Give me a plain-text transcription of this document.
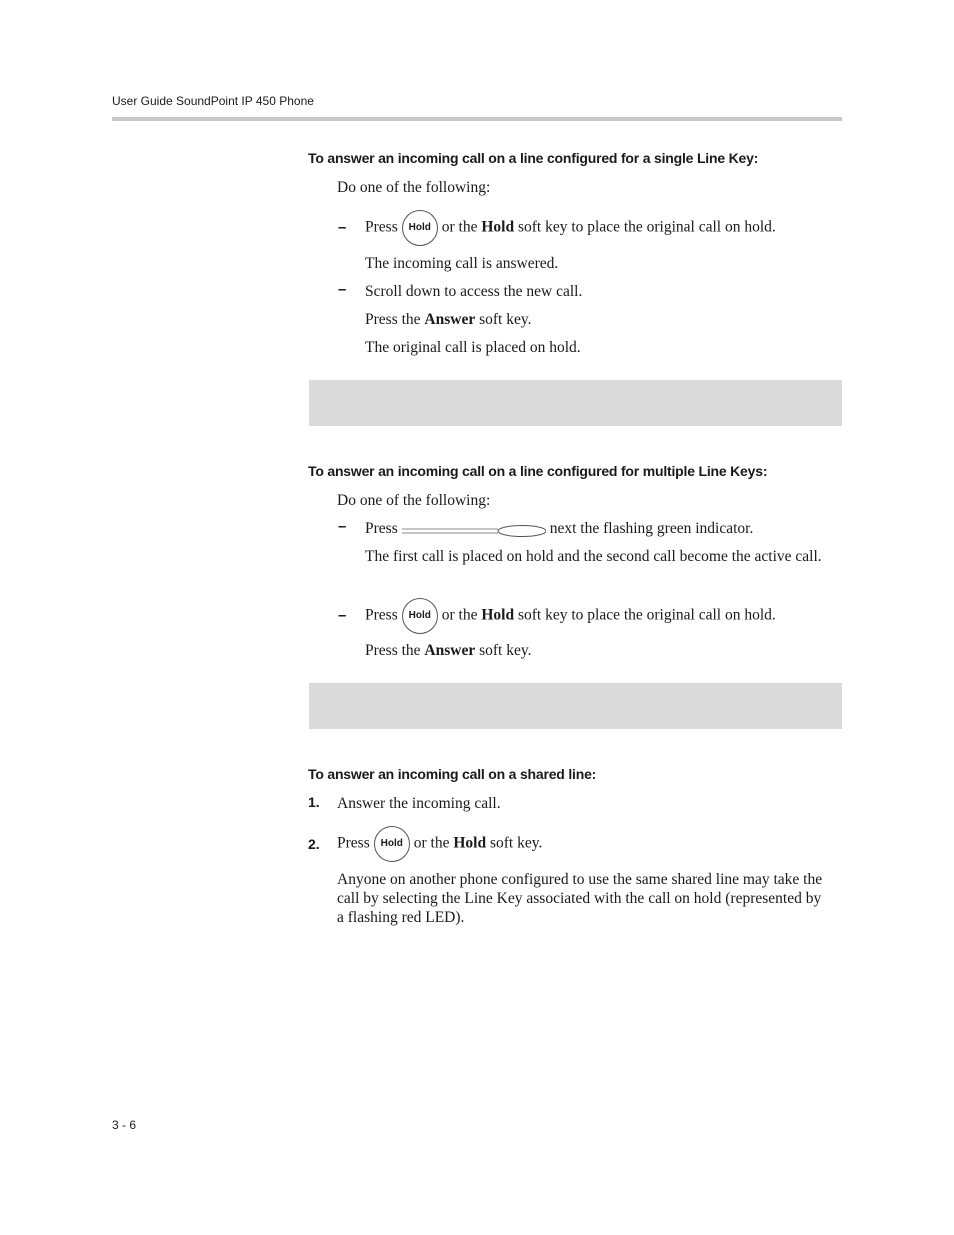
User Guide SoundPoint IP 450 Phone
To answer an incoming call on a line configured for a single Line Key:
Do one of the following:
– Press Hold or the Hold soft key to place the original call on hold.
The incoming call is answered.
– Scroll down to access the new call.
Press the Answer soft key.
The original call is placed on hold.
To answer an incoming call on a line configured for multiple Line Keys:
Do one of the following:
– Press	next the flashing green indicator.
The first call is placed on hold and the second call become the active call.
– Press Hold or the Hold soft key to place the original call on hold.
Press the Answer soft key.
To answer an incoming call on a shared line:
1. Answer the incoming call.
2. Press Hold or the Hold soft key.
Anyone on another phone configured to use the same shared line may take the call by selecting the Line Key associated with the call on hold (represented by a flashing red LED).
3 - 6
